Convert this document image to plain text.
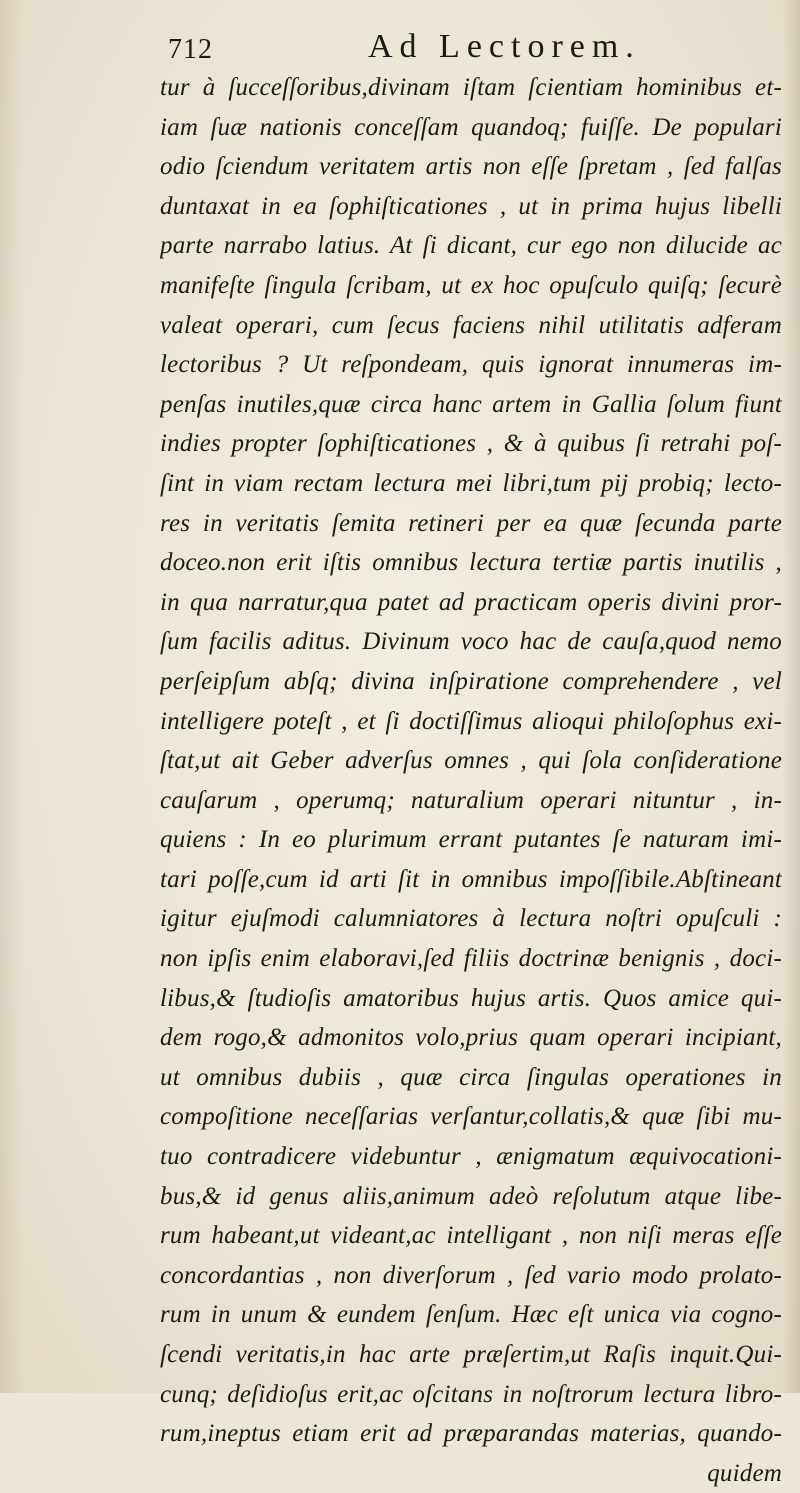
712	Ad Lectorem.
tur à ſucceſſoribus,divinam iſtam ſcientiam hominibus et-
iam ſuæ nationis conceſſam quandoq; fuiſſe. De populari
odio ſciendum veritatem artis non eſſe ſpretam , ſed falſas
duntaxat in ea ſophiſticationes , ut in prima hujus libelli
parte narrabo latius. At ſi dicant, cur ego non dilucide ac
manifeſte ſingula ſcribam, ut ex hoc opuſculo quiſq; ſecurè
valeat operari, cum ſecus faciens nihil utilitatis adferam
lectoribus ? Ut reſpondeam, quis ignorat innumeras im-
penſas inutiles,quæ circa hanc artem in Gallia ſolum fiunt
indies propter ſophiſticationes , & à quibus ſi retrahi poſ-
ſint in viam rectam lectura mei libri,tum pij probiq; lecto-
res in veritatis ſemita retineri per ea quæ ſecunda parte
doceo.non erit iſtis omnibus lectura tertiæ partis inutilis ,
in qua narratur,qua patet ad practicam operis divini pror-
ſum facilis aditus. Divinum voco hac de cauſa,quod nemo
perſeipſum abſq; divina inſpiratione comprehendere , vel
intelligere poteſt , et ſi doctiſſimus alioqui philoſophus exi-
ſtat,ut ait Geber adverſus omnes , qui ſola conſideratione
cauſarum , operumq; naturalium operari nituntur , in-
quiens : In eo plurimum errant putantes ſe naturam imi-
tari poſſe,cum id arti ſit in omnibus impoſſibile.Abſtineant
igitur ejuſmodi calumniatores à lectura noſtri opuſculi :
non ipſis enim elaboravi,ſed filiis doctrinæ benignis , doci-
libus,& ſtudioſis amatoribus hujus artis. Quos amice qui-
dem rogo,& admonitos volo,prius quam operari incipiant,
ut omnibus dubiis , quæ circa ſingulas operationes in
compoſitione neceſſarias verſantur,collatis,& quæ ſibi mu-
tuo contradicere videbuntur , ænigmatum æquivocationi-
bus,& id genus aliis,animum adeò reſolutum atque libe-
rum habeant,ut videant,ac intelligant , non niſi meras eſſe
concordantias , non diverſorum , ſed vario modo prolato-
rum in unum & eundem ſenſum. Hæc eſt unica via cogno-
ſcendi veritatis,in hac arte præſertim,ut Raſis inquit.Qui-
cunq; deſidioſus erit,ac oſcitans in noſtrorum lectura libro-
rum,ineptus etiam erit ad præparandas materias, quando-
quidem
